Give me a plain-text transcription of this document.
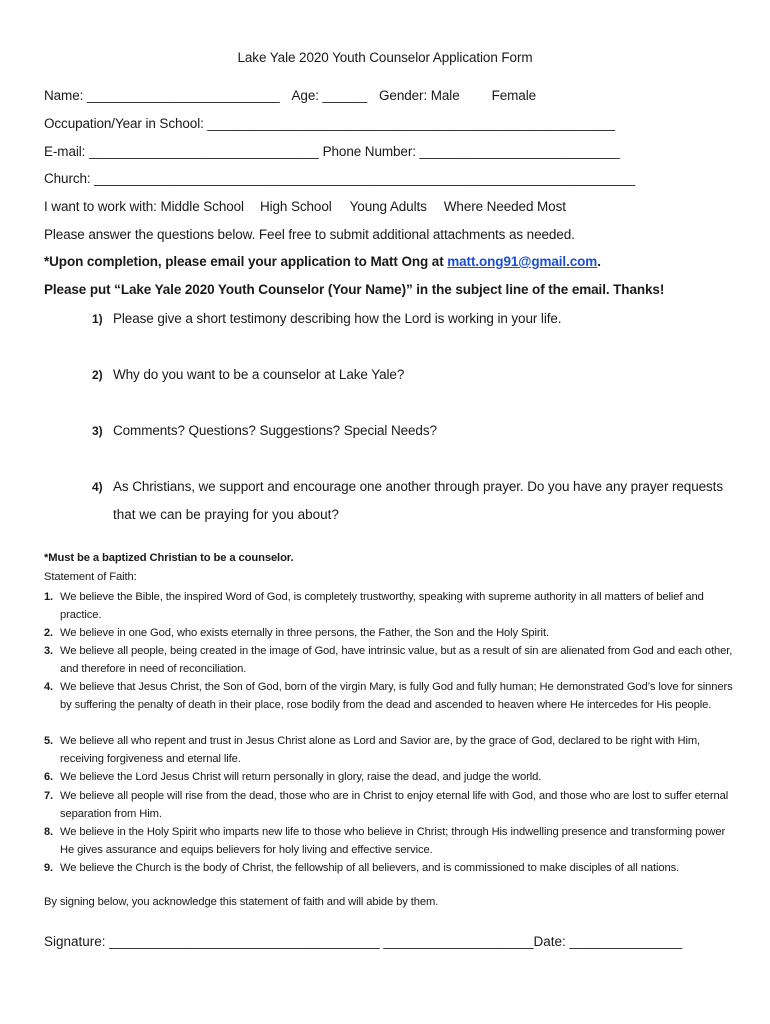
Lake Yale 2020 Youth Counselor Application Form
Name: __________________________ Age: ______ Gender: Male Female
Occupation/Year in School: _______________________________________________________
E-mail: _______________________________ Phone Number: ___________________________
Church: _________________________________________________________________________
I want to work with: Middle School High School Young Adults Where Needed Most
Please answer the questions below. Feel free to submit additional attachments as needed.
*Upon completion, please email your application to Matt Ong at matt.ong91@gmail.com.
Please put “Lake Yale 2020 Youth Counselor (Your Name)” in the subject line of the email. Thanks!
1) Please give a short testimony describing how the Lord is working in your life.
2) Why do you want to be a counselor at Lake Yale?
3) Comments? Questions? Suggestions? Special Needs?
4) As Christians, we support and encourage one another through prayer. Do you have any prayer requests
that we can be praying for you about?
*Must be a baptized Christian to be a counselor.
Statement of Faith:
1. We believe the Bible, the inspired Word of God, is completely trustworthy, speaking with supreme authority in all matters of belief and practice.
2. We believe in one God, who exists eternally in three persons, the Father, the Son and the Holy Spirit.
3. We believe all people, being created in the image of God, have intrinsic value, but as a result of sin are alienated from God and each other, and therefore in need of reconciliation.
4. We believe that Jesus Christ, the Son of God, born of the virgin Mary, is fully God and fully human; He demonstrated God’s love for sinners by suffering the penalty of death in their place, rose bodily from the dead and ascended to heaven where He intercedes for His people.
5. We believe all who repent and trust in Jesus Christ alone as Lord and Savior are, by the grace of God, declared to be right with Him, receiving forgiveness and eternal life.
6. We believe the Lord Jesus Christ will return personally in glory, raise the dead, and judge the world.
7. We believe all people will rise from the dead, those who are in Christ to enjoy eternal life with God, and those who are lost to suffer eternal separation from Him.
8. We believe in the Holy Spirit who imparts new life to those who believe in Christ; through His indwelling presence and transforming power He gives assurance and equips believers for holy living and effective service.
9. We believe the Church is the body of Christ, the fellowship of all believers, and is commissioned to make disciples of all nations.
By signing below, you acknowledge this statement of faith and will abide by them.
Signature: ____________________________________ ____________________Date: _______________
